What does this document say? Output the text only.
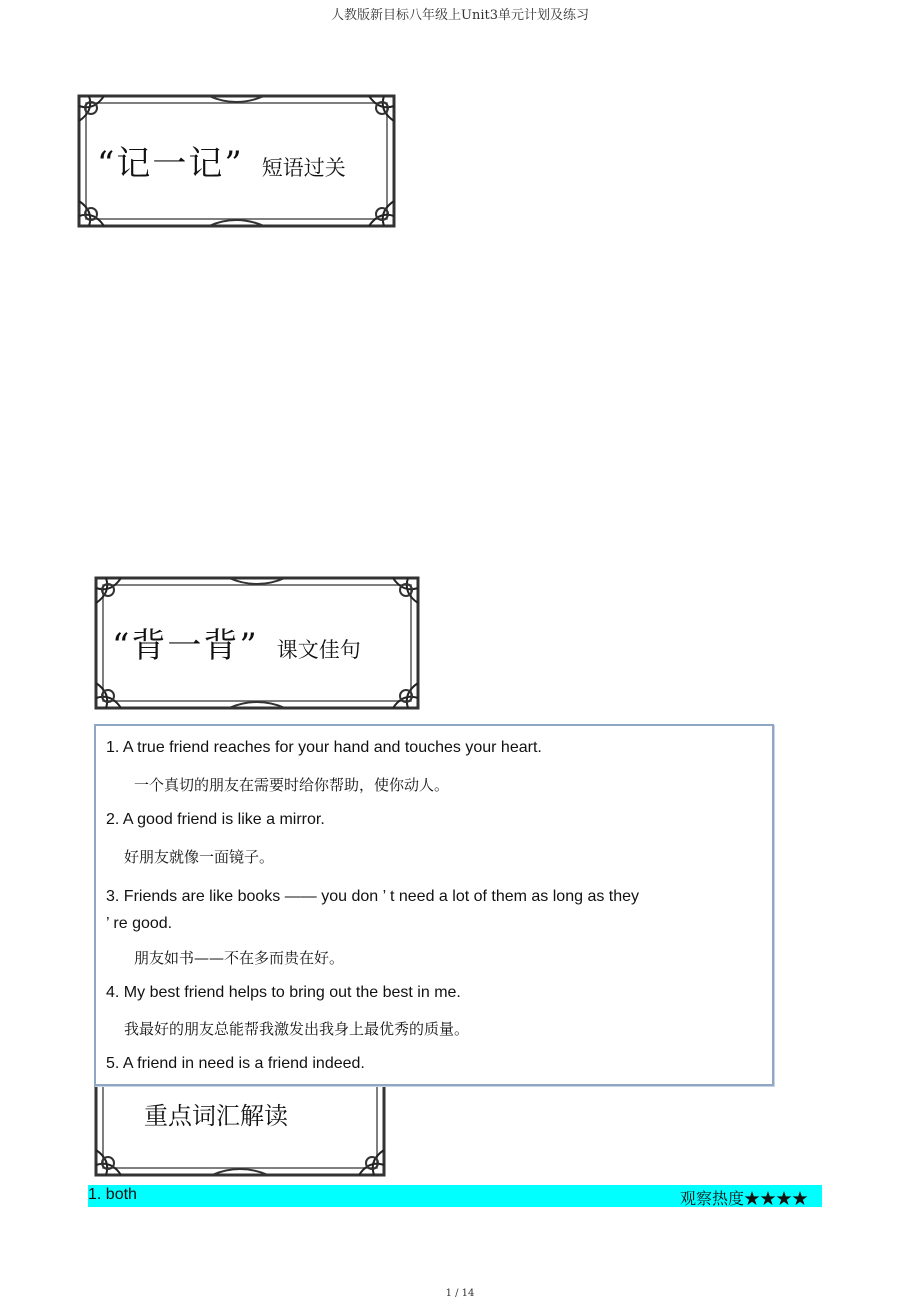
人教版新目标八年级上Unit3单元计划及练习
“记一记” 短语过关
“背一背” 课文佳句
重点词汇解读
1. A true friend reaches for your hand and touches your heart.
一个真切的朋友在需要时给你帮助，使你动人。
2. A good friend is like a mirror.
好朋友就像一面镜子。
3. Friends are like books —— you don ’ t need a lot of them as long as they
’ re good.
朋友如书——不在多而贵在好。
4. My best friend helps to bring out the best in me.
我最好的朋友总能帮我激发出我身上最优秀的质量。
5. A friend in need is a friend indeed.
1. both	观察热度★★★★
1 / 14
